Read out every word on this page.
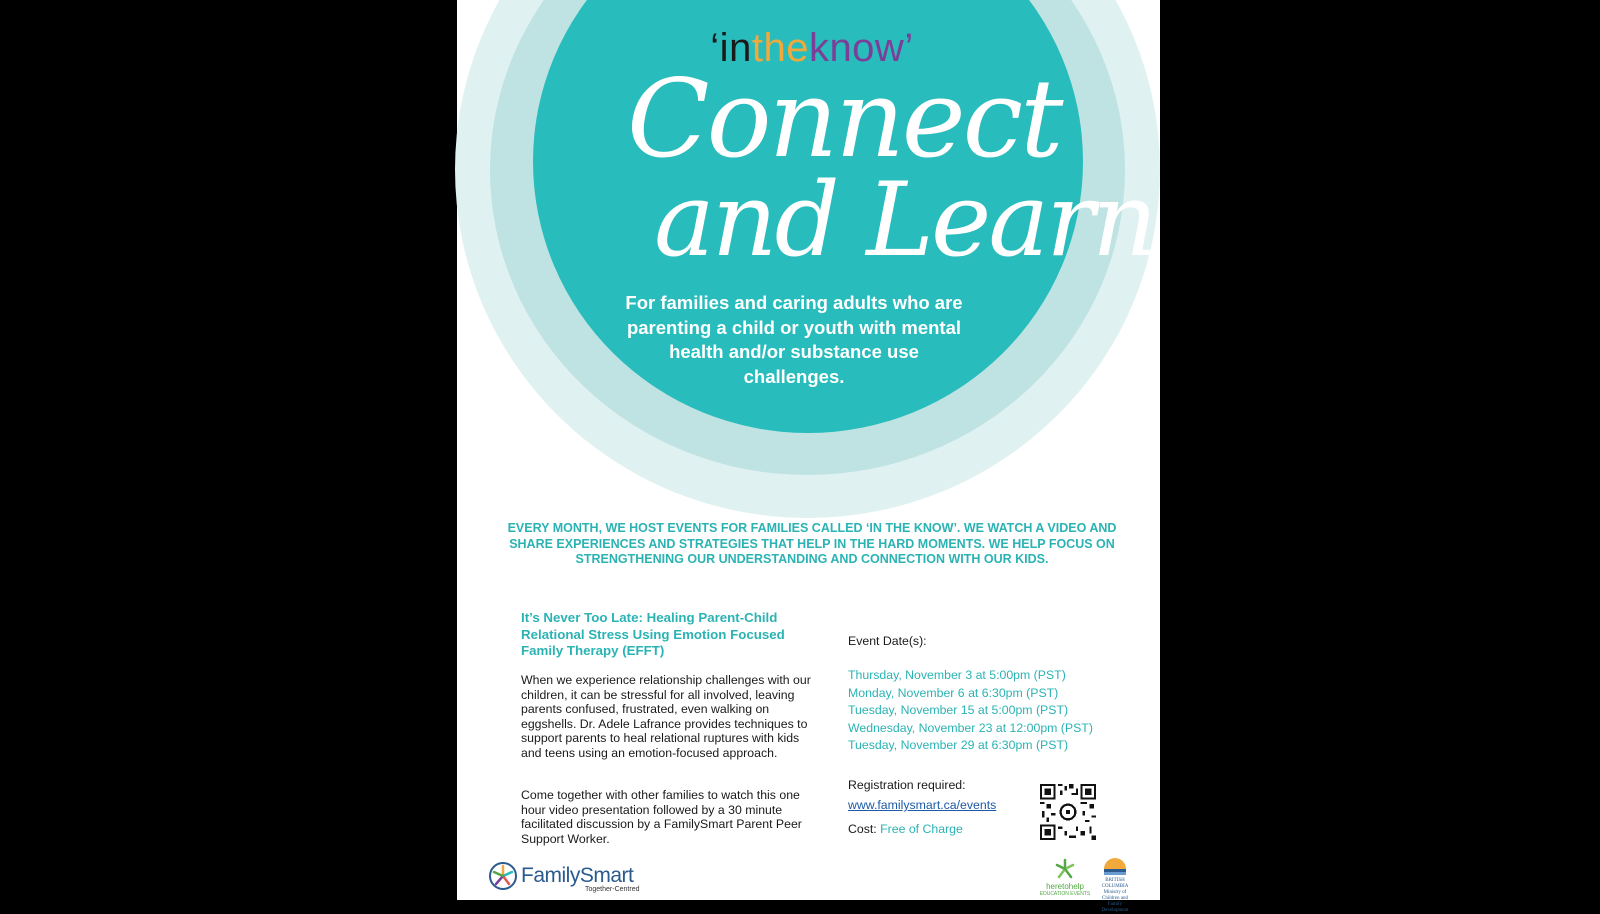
‘intheknow’
Connect
and Learn
For families and caring adults who are parenting a child or youth with mental health and/or substance use challenges.
EVERY MONTH, WE HOST EVENTS FOR FAMILIES CALLED ‘IN THE KNOW’. WE WATCH A VIDEO AND SHARE EXPERIENCES AND STRATEGIES THAT HELP IN THE HARD MOMENTS. WE HELP FOCUS ON STRENGTHENING OUR UNDERSTANDING AND CONNECTION WITH OUR KIDS.
It’s Never Too Late: Healing Parent-Child Relational Stress Using Emotion Focused Family Therapy (EFFT)
When we experience relationship challenges with our children, it can be stressful for all involved, leaving parents confused, frustrated, even walking on eggshells. Dr. Adele Lafrance provides techniques to support parents to heal relational ruptures with kids and teens using an emotion-focused approach.
Come together with other families to watch this one hour video presentation followed by a 30 minute facilitated discussion by a FamilySmart Parent Peer Support Worker.
Event Date(s):
Thursday, November 3 at 5:00pm (PST)
Monday, November 6 at 6:30pm (PST)
Tuesday, November 15 at 5:00pm (PST)
Wednesday, November 23 at 12:00pm (PST)
Tuesday, November 29 at 6:30pm (PST)
Registration required:
www.familysmart.ca/events
Cost: Free of Charge
FamilySmart
Together-Centred	heretohelp
EDUCATION EVENTS
BRITISH COLUMBIA
Ministry of Children and Family Development
